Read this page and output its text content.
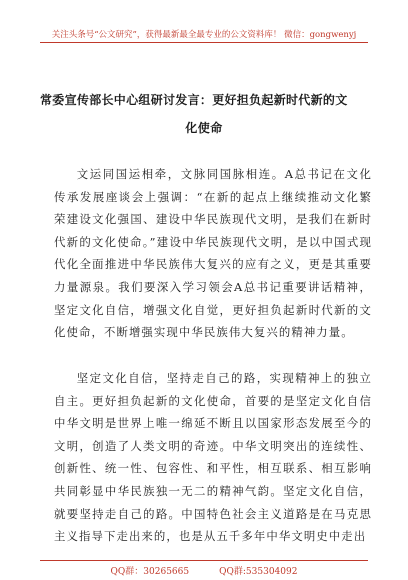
关注头条号“公文研究”，获得最新最全最专业的公文资料库！ 微信：gongwenyj
常委宣传部长中心组研讨发言：更好担负起新时代新的文
化使命
文运同国运相牵，文脉同国脉相连。A总书记在文化传承发展座谈会上强调：“在新的起点上继续推动文化繁荣建设文化强国、建设中华民族现代文明，是我们在新时代新的文化使命。”建设中华民族现代文明，是以中国式现代化全面推进中华民族伟大复兴的应有之义，更是其重要力量源泉。我们要深入学习领会A总书记重要讲话精神，坚定文化自信，增强文化自觉，更好担负起新时代新的文化使命，不断增强实现中华民族伟大复兴的精神力量。
坚定文化自信，坚持走自己的路，实现精神上的独立自主。更好担负起新的文化使命，首要的是坚定文化自信中华文明是世界上唯一绵延不断且以国家形态发展至今的文明，创造了人类文明的奇迹。中华文明突出的连续性、创新性、统一性、包容性、和平性，相互联系、相互影响共同彰显中华民族独一无二的精神气韵。坚定文化自信，就要坚持走自己的路。中国特色社会主义道路是在马克思主义指导下走出来的，也是从五千多年中华文明史中走出
QQ群：30265665	QQ群:535304092
